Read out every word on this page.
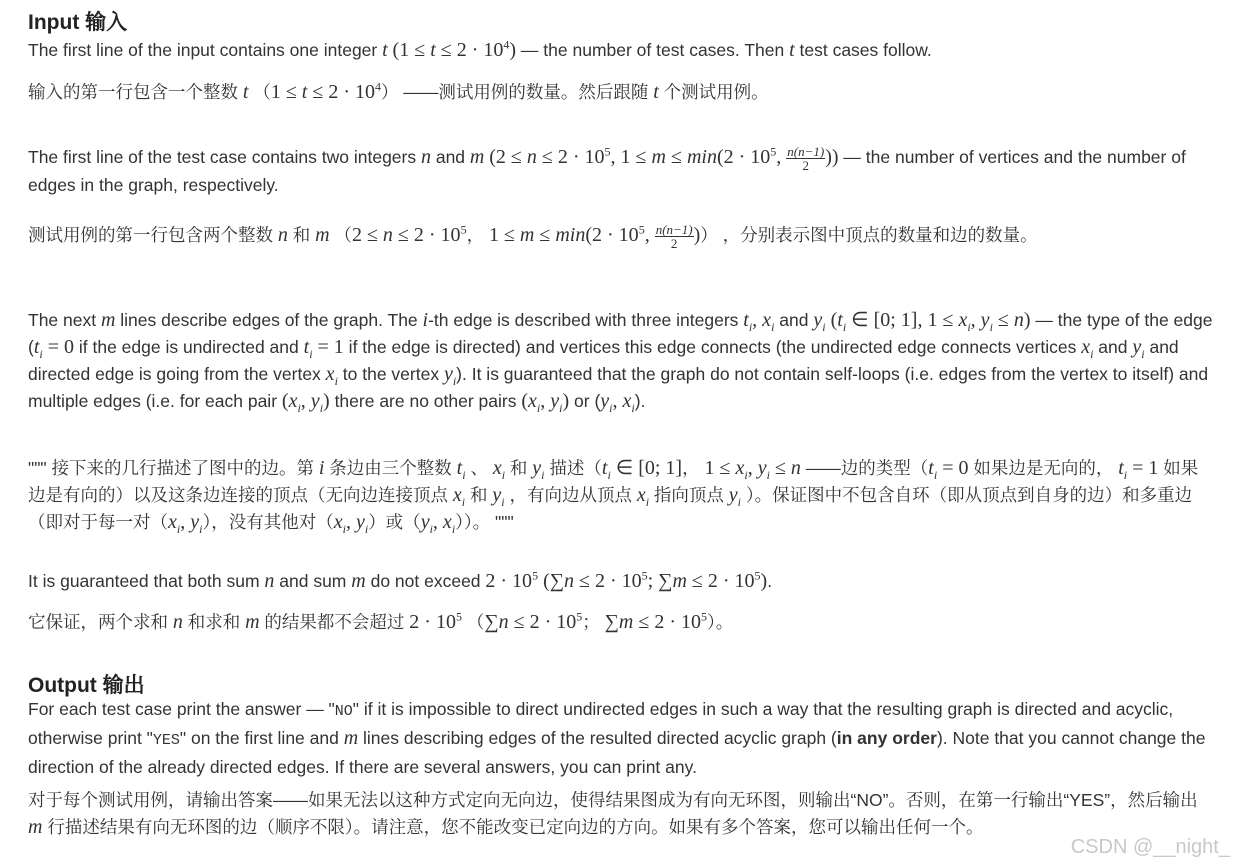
Input 输入

The first line of the input contains one integer t $(1 \le t \le 2 \cdot 10^4)$ — the number of test cases. Then t test cases follow.

输入的第一行包含一个整数 t $(1 \le t \le 2 \cdot 10^4)$ ——测试用例的数量。然后跟随 t 个测试用例。

The first line of the test case contains two integers n and m ($2 \le n \le 2 \cdot 10^5$, $1 \le m \le \min(2 \cdot 10^5$, $\frac{n(n-1)}{2}$ )) — the number of vertices and the number of edges in the graph, respectively.

测试用例的第一行包含两个整数 n 和 m （$2 \le n \le 2 \cdot 10^5$， $1 \le m \le \min(2 \cdot 10^5$, $\frac{n(n-1)}{2}$ )） ，分别表示图中顶点的数量和边的数量。

The next m lines describe edges of the graph. The i-th edge is described with three integers $t_i$, $x_i$ and $y_i$ ($t_i$ ∈ [0; 1], $1 \le x_i$, $y_i \le n$) — the type of the edge ($t_i = 0$ if the edge is undirected and $t_i = 1$ if the edge is directed) and vertices this edge connects (the undirected edge connects vertices $x_i$ and $y_i$ and directed edge is going from the vertex $x_i$ to the vertex $y_i$). It is guaranteed that the graph do not contain self-loops (i.e. edges from the vertex to itself) and multiple edges (i.e. for each pair ($x_i$, $y_i$) there are no other pairs ($x_i$, $y_i$) or ($y_i$, $x_i$).

""" 接下来的几行描述了图中的边。第 i 条边由三个整数 $t_i$ 、 $x_i$ 和 $y_i$ 描述（$t_i$ ∈ [0; 1]， $1 \le x_i$, $y_i \le n$ ——边的类型（$t_i = 0$ 如果边是无向的， $t_i = 1$ 如果边是有向的）以及这条边连接的顶点（无向边连接顶点 $x_i$ 和 $y_i$ ，有向边从顶点 $x_i$ 指向顶点 $y_i$ ）。保证图中不包含自环（即从顶点到自身的边）和多重边（即对于每一对（$x_i$, $y_i$），没有其他对（$x_i$, $y_i$）或（$y_i$, $x_i$））。 """

It is guaranteed that both sum n and sum m do not exceed $2 \cdot 10^5$ ($\sum n \le 2 \cdot 10^5$; $\sum m \le 2 \cdot 10^5$).

它保证，两个求和 n 和求和 m 的结果都不会超过 $2 \cdot 10^5$ （$\sum n \le 2 \cdot 10^5$； $\sum m \le 2 \cdot 10^5$）。

Output 输出

For each test case print the answer — "NO" if it is impossible to direct undirected edges in such a way that the resulting graph is directed and acyclic, otherwise print "YES" on the first line and m lines describing edges of the resulted directed acyclic graph (in any order). Note that you cannot change the direction of the already directed edges. If there are several answers, you can print any.

对于每个测试用例，请输出答案——如果无法以这种方式定向无向边，使得结果图成为有向无环图，则输出“NO”。否则，在第一行输出“YES”，然后输出 m 行描述结果有向无环图的边（顺序不限）。请注意，您不能改变已定向边的方向。如果有多个答案，您可以输出任何一个。

CSDN @__night_
